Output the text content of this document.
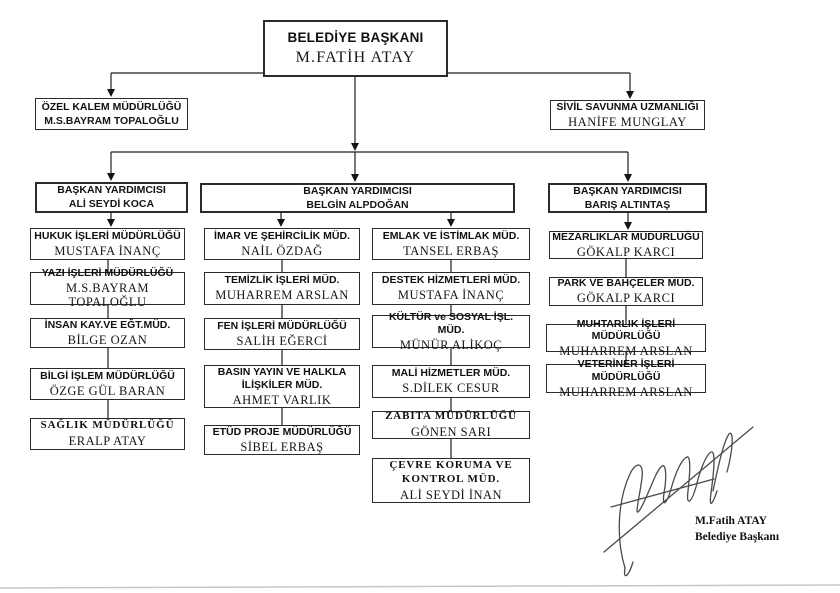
BELEDİYE BAŞKANI
M.FATİH ATAY
ÖZEL KALEM MÜDÜRLÜĞÜ
M.S.BAYRAM TOPALOĞLU
SİVİL SAVUNMA UZMANLIĞI
HANİFE MUNGLAY
BAŞKAN YARDIMCISI
ALİ SEYDİ KOCA
BAŞKAN YARDIMCISI
BELGİN ALPDOĞAN
BAŞKAN YARDIMCISI
BARIŞ ALTINTAŞ
HUKUK İŞLERİ MÜDÜRLÜĞÜ
MUSTAFA İNANÇ
YAZI İŞLERİ MÜDÜRLÜĞÜ
M.S.BAYRAM TOPALOĞLU
İNSAN KAY.VE EĞT.MÜD.
BİLGE OZAN
BİLGİ İŞLEM MÜDÜRLÜĞÜ
ÖZGE GÜL BARAN
SAĞLIK MÜDÜRLÜĞÜ
ERALP ATAY
İMAR VE ŞEHİRCİLİK MÜD.
NAİL ÖZDAĞ
TEMİZLİK İŞLERİ MÜD.
MUHARREM ARSLAN
FEN İŞLERİ MÜDÜRLÜĞÜ
SALİH EĞERCİ
BASIN YAYIN VE HALKLA İLİŞKİLER MÜD.
AHMET VARLIK
ETÜD PROJE MÜDÜRLÜĞÜ
SİBEL ERBAŞ
EMLAK VE İSTİMLAK MÜD.
TANSEL ERBAŞ
DESTEK HİZMETLERİ MÜD.
MUSTAFA İNANÇ
KÜLTÜR ve SOSYAL İŞL. MÜD.
MÜNÜR ALİKOÇ
MALİ HİZMETLER MÜD.
S.DİLEK CESUR
ZABITA MÜDÜRLÜĞÜ
GÖNEN SARI
ÇEVRE KORUMA VE KONTROL MÜD.
ALİ SEYDİ İNAN
MEZARLIKLAR MÜDÜRLÜĞÜ
GÖKALP KARCI
PARK VE BAHÇELER MÜD.
GÖKALP KARCI
MUHTARLIK İŞLERİ MÜDÜRLÜĞÜ
MUHARREM ARSLAN
VETERİNER İŞLERİ MÜDÜRLÜĞÜ
MUHARREM ARSLAN
M.Fatih ATAY
Belediye Başkanı
